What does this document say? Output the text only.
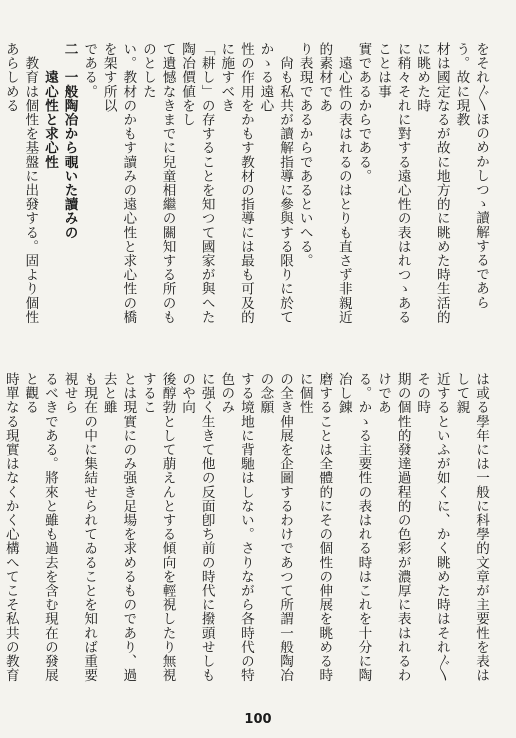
をそれ〴〵ほのめかしつゝ讀解するであらう。故に現教

材は國定なるが故に地方的に眺めた時生活的に眺めた時

に稍々それに對する遠心性の表はれつゝあることは事

實であるからである。

　遠心性の表はれるのはとりも直さず非親近的素材であ

り表現であるからであるといへる。

　尙も私共が讀解指導に參與する限りに於てかゝる遠心

性の作用をかもす教材の指導には最も可及的に施すべき

「耕し」の存することを知つて國家が與へた陶冶價値をし

て遺憾なきまでに兒童相繼の關知する所のものとした

い。教材のかもす讀みの遠心性と求心性の橋を架す所以

である。

二　一般陶冶から覗いた讀みの

　　遠心性と求心性

　教育は個性を基盤に出發する。固より個性あらしめる

は或る學年には一般に科學的文章が主要性を表はして親

近するといふが如くに、かく眺めた時はそれ〴〵その時

期の個性的發達過程的の色彩が濃厚に表はれるわけであ

る。かゝる主要性の表はれる時はこれを十分に陶冶し錬

磨することは全體的にその個性の伸展を眺める時に個性

の全き伸展を企圖するわけであつて所謂一般陶冶の念願

する境地に背馳はしない。さりながら各時代の特色のみ

に强く生きて他の反面卽ち前の時代に撥頭せしものや向

後醇勃として萠えんとする傾向を輕視したり無視するこ

とは現實にのみ强き足場を求めるものであり、過去と雖

も現在の中に集結せられてゐることを知れば重要視せら

るべきである。將來と雖も過去を含む現在の發展と觀る

時單なる現實はなくかく心構へてこそ私共の教育

100
